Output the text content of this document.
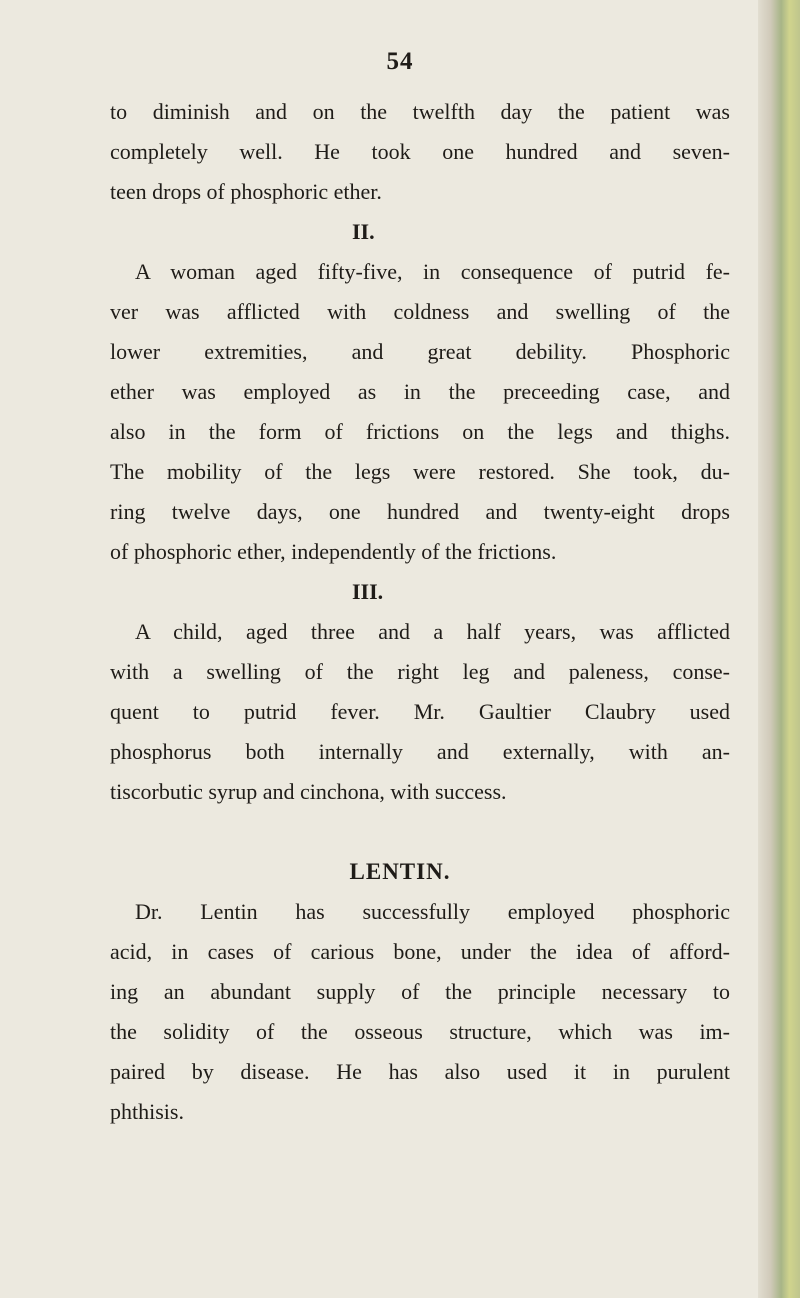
54
to diminish and on the twelfth day the patient was
completely well. He took one hundred and seven-
teen drops of phosphoric ether.
II.
A woman aged fifty-five, in consequence of putrid fe-
ver was afflicted with coldness and swelling of the
lower extremities, and great debility. Phosphoric
ether was employed as in the preceeding case, and
also in the form of frictions on the legs and thighs.
The mobility of the legs were restored. She took, du-
ring twelve days, one hundred and twenty-eight drops
of phosphoric ether, independently of the frictions.
III.
A child, aged three and a half years, was afflicted
with a swelling of the right leg and paleness, conse-
quent to putrid fever. Mr. Gaultier Claubry used
phosphorus both internally and externally, with an-
tiscorbutic syrup and cinchona, with success.
LENTIN.
Dr. Lentin has successfully employed phosphoric
acid, in cases of carious bone, under the idea of afford-
ing an abundant supply of the principle necessary to
the solidity of the osseous structure, which was im-
paired by disease. He has also used it in purulent
phthisis.
